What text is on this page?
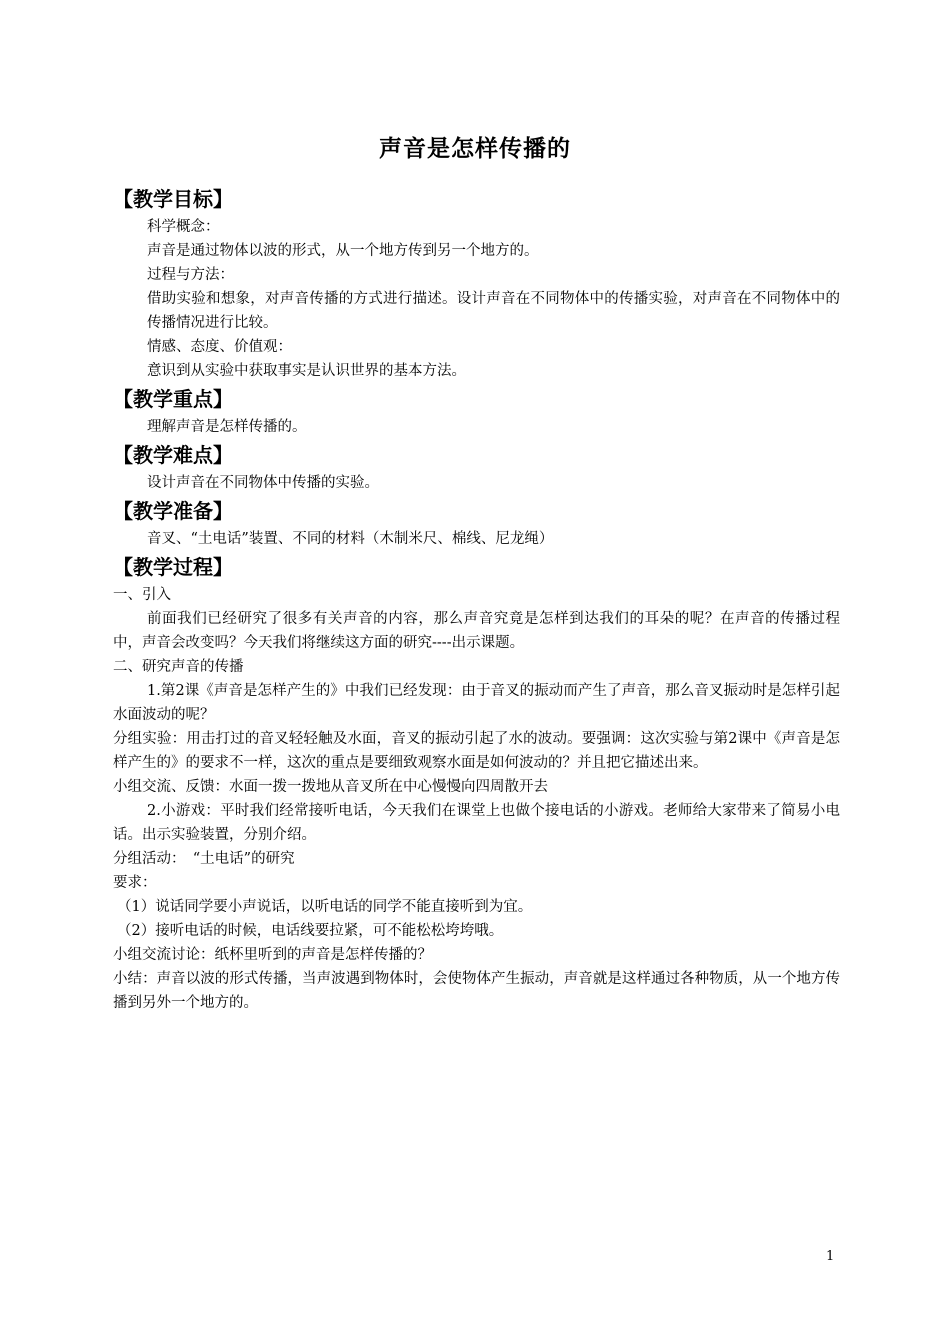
声音是怎样传播的

【教学目标】

科学概念：

声音是通过物体以波的形式，从一个地方传到另一个地方的。

过程与方法：

借助实验和想象，对声音传播的方式进行描述。设计声音在不同物体中的传播实验，对声音在不同物体中的传播情况进行比较。

情感、态度、价值观：

意识到从实验中获取事实是认识世界的基本方法。

【教学重点】

理解声音是怎样传播的。

【教学难点】

设计声音在不同物体中传播的实验。

【教学准备】

音叉、“土电话”装置、不同的材料（木制米尺、棉线、尼龙绳）

【教学过程】

一、引入

前面我们已经研究了很多有关声音的内容，那么声音究竟是怎样到达我们的耳朵的呢？在声音的传播过程中，声音会改变吗？今天我们将继续这方面的研究----出示课题。

二、研究声音的传播

1.第2课《声音是怎样产生的》中我们已经发现：由于音叉的振动而产生了声音，那么音叉振动时是怎样引起水面波动的呢？

分组实验：用击打过的音叉轻轻触及水面，音叉的振动引起了水的波动。要强调：这次实验与第2课中《声音是怎样产生的》的要求不一样，这次的重点是要细致观察水面是如何波动的？并且把它描述出来。

小组交流、反馈：水面一拨一拨地从音叉所在中心慢慢向四周散开去

2.小游戏：平时我们经常接听电话，今天我们在课堂上也做个接电话的小游戏。老师给大家带来了简易小电话。出示实验装置，分别介绍。

分组活动：　“土电话”的研究

要求：

（1）说话同学要小声说话，以听电话的同学不能直接听到为宜。

（2）接听电话的时候，电话线要拉紧，可不能松松垮垮哦。

小组交流讨论：纸杯里听到的声音是怎样传播的？

小结：声音以波的形式传播，当声波遇到物体时，会使物体产生振动，声音就是这样通过各种物质，从一个地方传播到另外一个地方的。

1
